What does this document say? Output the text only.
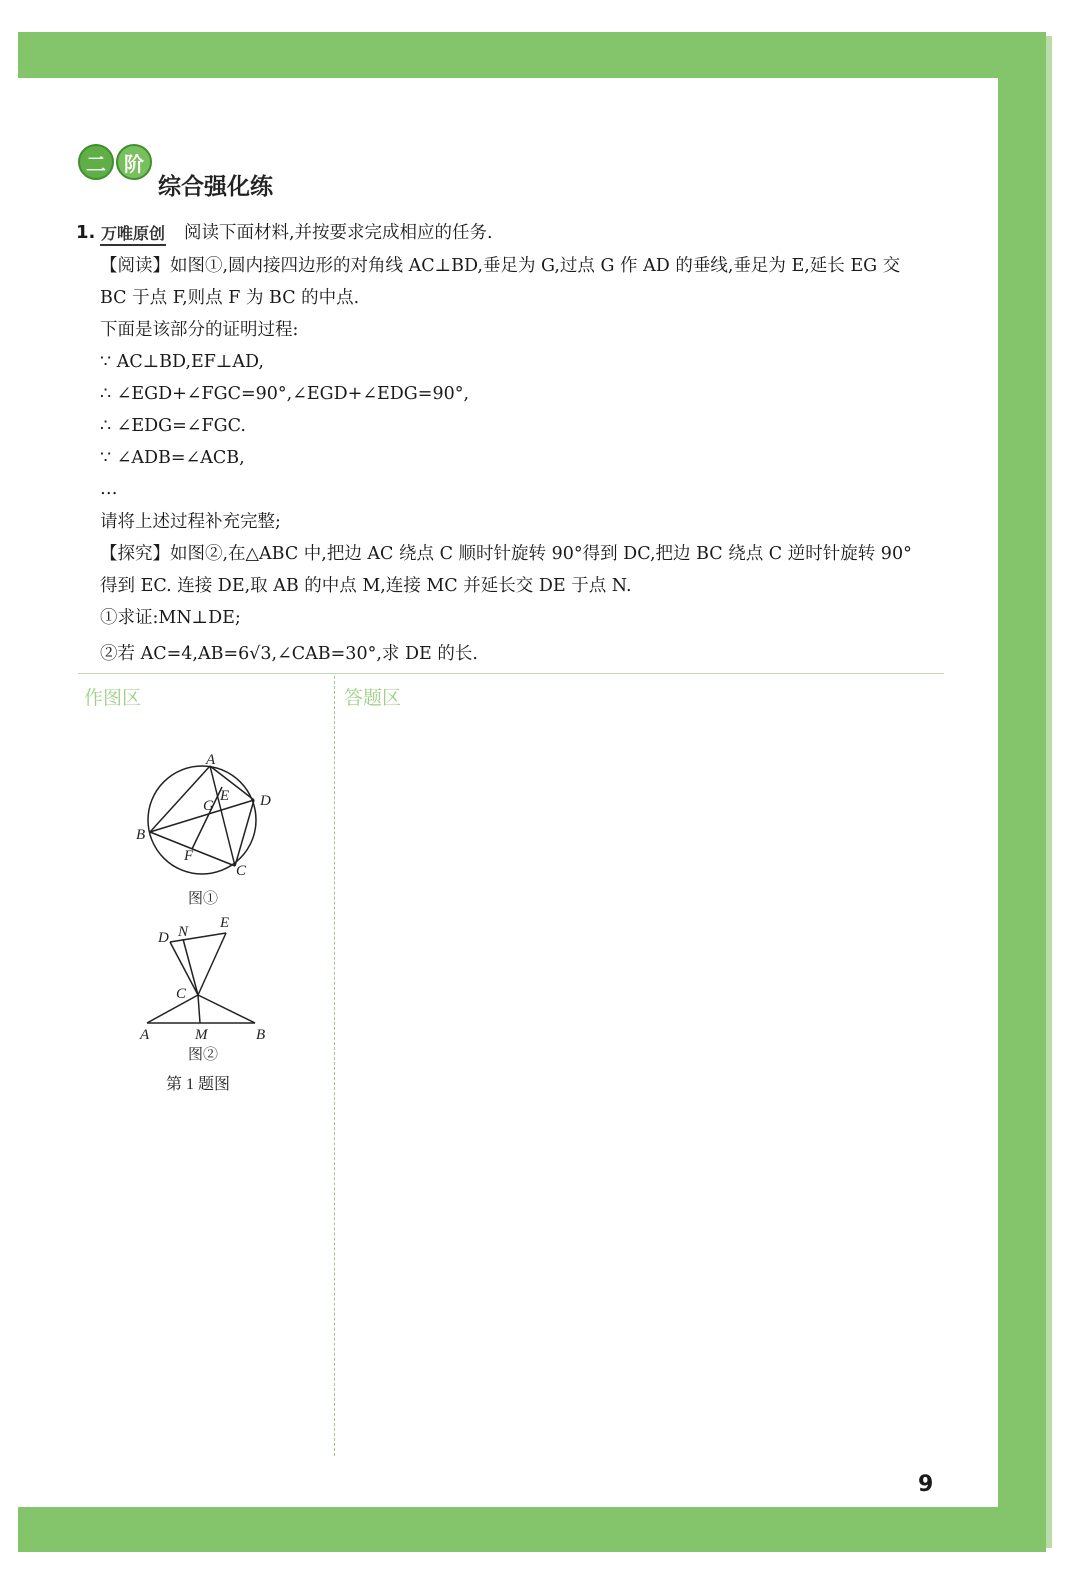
二 阶
综合强化练
1. 万唯原创 阅读下面材料,并按要求完成相应的任务.
【阅读】如图①,圆内接四边形的对角线 AC⊥BD,垂足为 G,过点 G 作 AD 的垂线,垂足为 E,延长 EG 交
BC 于点 F,则点 F 为 BC 的中点.
下面是该部分的证明过程:
∵ AC⊥BD,EF⊥AD,
∴ ∠EGD+∠FGC=90°,∠EGD+∠EDG=90°,
∴ ∠EDG=∠FGC.
∵ ∠ADB=∠ACB,
…
请将上述过程补充完整;
【探究】如图②,在△ABC 中,把边 AC 绕点 C 顺时针旋转 90°得到 DC,把边 BC 绕点 C 逆时针旋转 90°
得到 EC. 连接 DE,取 AB 的中点 M,连接 MC 并延长交 DE 于点 N.
①求证:MN⊥DE;
②若 AC=4,AB=6√3,∠CAB=30°,求 DE 的长.
作图区	答题区
A
B
C
D
E
F
G
图①
D N
E
C
A	M	B
图②
第 1 题图
9
